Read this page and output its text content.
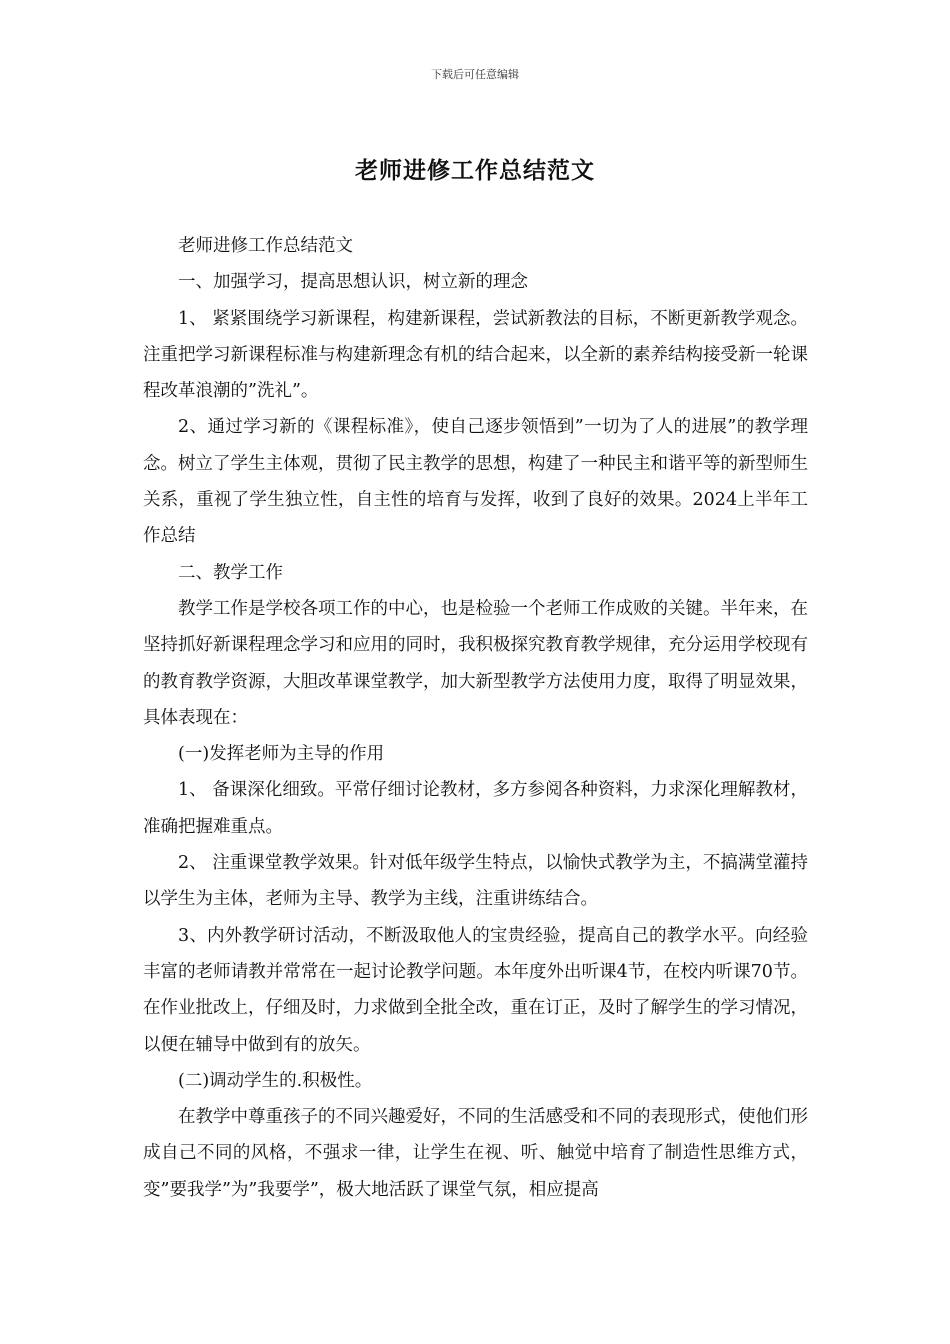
下载后可任意编辑
老师进修工作总结范文

老师进修工作总结范文

一、加强学习，提高思想认识，树立新的理念

1、 紧紧围绕学习新课程，构建新课程，尝试新教法的目标，不断更新教学观念。注重把学习新课程标准与构建新理念有机的结合起来，以全新的素养结构接受新一轮课程改革浪潮的”洗礼”。

2、通过学习新的《课程标准》，使自己逐步领悟到”一切为了人的进展”的教学理念。树立了学生主体观，贯彻了民主教学的思想，构建了一种民主和谐平等的新型师生关系，重视了学生独立性，自主性的培育与发挥，收到了良好的效果。2024上半年工作总结

二、教学工作

教学工作是学校各项工作的中心，也是检验一个老师工作成败的关键。半年来，在坚持抓好新课程理念学习和应用的同时，我积极探究教育教学规律，充分运用学校现有的教育教学资源，大胆改革课堂教学，加大新型教学方法使用力度，取得了明显效果，具体表现在：

(一)发挥老师为主导的作用

1、 备课深化细致。平常仔细讨论教材，多方参阅各种资料，力求深化理解教材，准确把握难重点。

2、 注重课堂教学效果。针对低年级学生特点，以愉快式教学为主，不搞满堂灌持以学生为主体，老师为主导、教学为主线，注重讲练结合。

3、内外教学研讨活动，不断汲取他人的宝贵经验，提高自己的教学水平。向经验丰富的老师请教并常常在一起讨论教学问题。本年度外出听课4节，在校内听课70节。在作业批改上，仔细及时，力求做到全批全改，重在订正，及时了解学生的学习情况，以便在辅导中做到有的放矢。

(二)调动学生的.积极性。

在教学中尊重孩子的不同兴趣爱好，不同的生活感受和不同的表现形式，使他们形成自己不同的风格，不强求一律，让学生在视、听、触觉中培育了制造性思维方式，变”要我学”为”我要学”，极大地活跃了课堂气氛，相应提高
